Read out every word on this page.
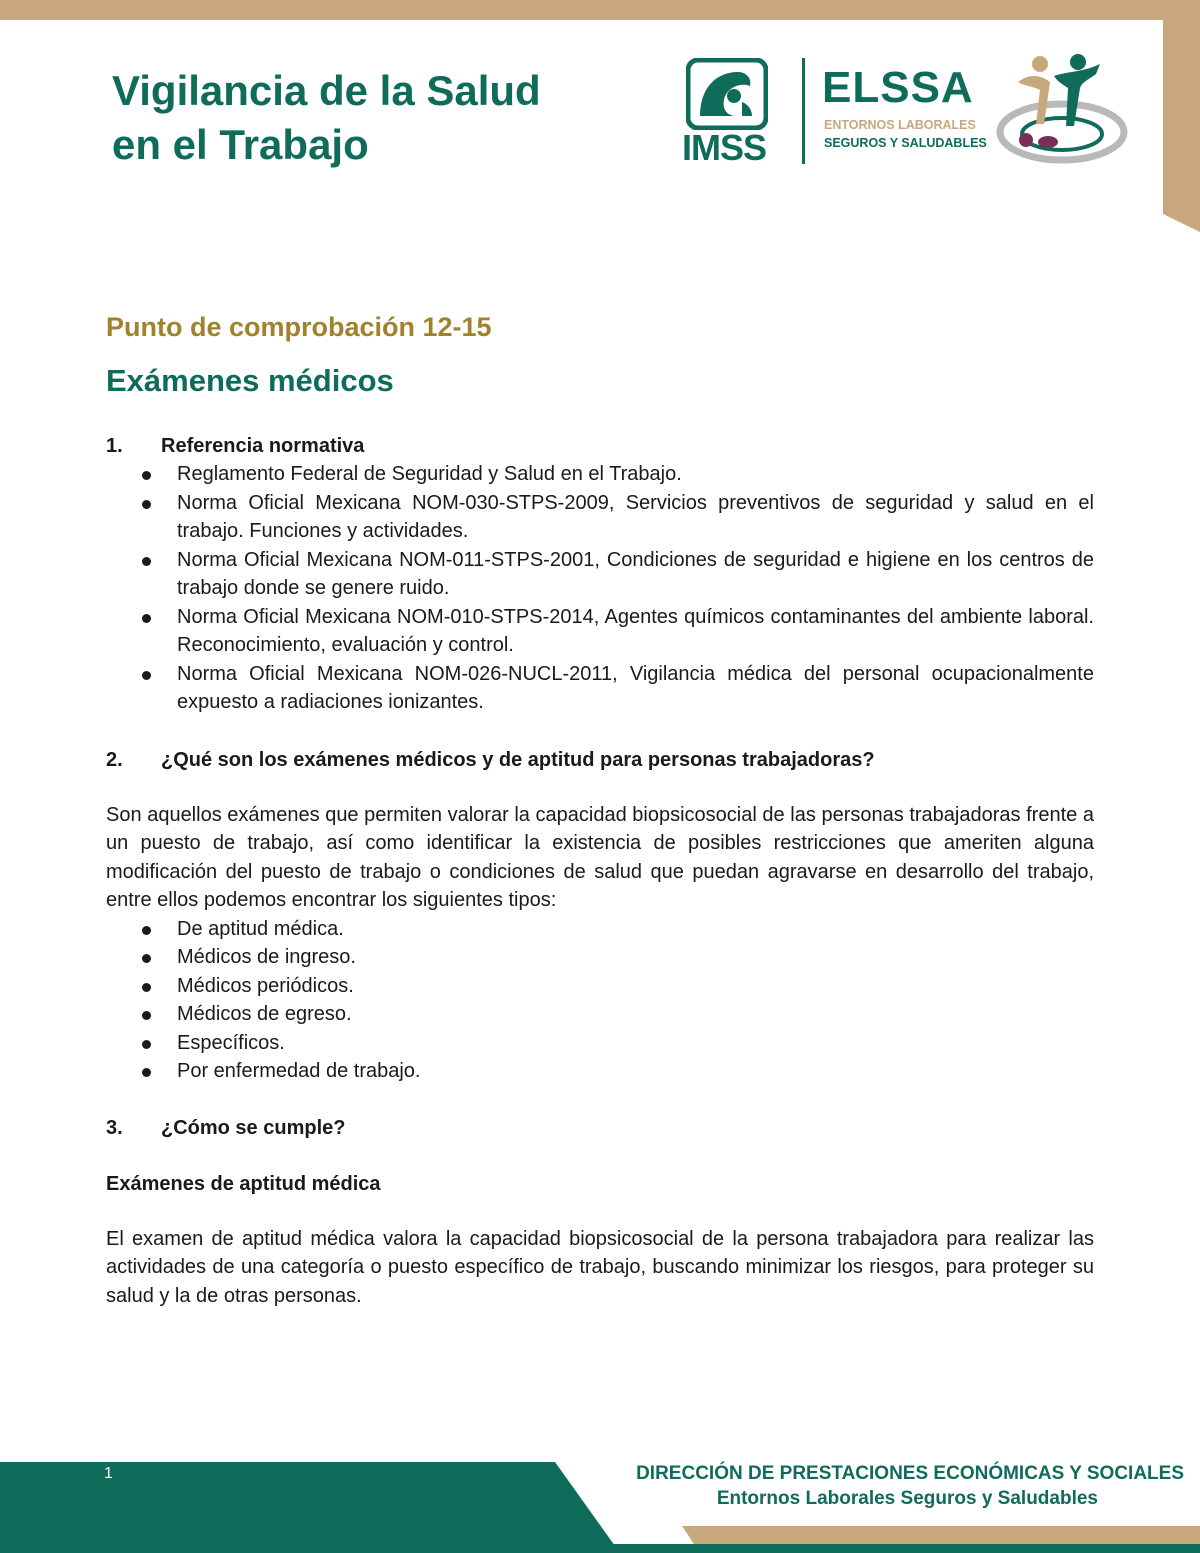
Vigilancia de la Salud
en el Trabajo	IMSS
ELSSA
ENTORNOS LABORALES
SEGUROS Y SALUDABLES
Punto de comprobación 12-15
Exámenes médicos
1.	Referencia normativa
Reglamento Federal de Seguridad y Salud en el Trabajo.
Norma Oficial Mexicana NOM-030-STPS-2009, Servicios preventivos de seguridad y salud en el trabajo. Funciones y actividades.
Norma Oficial Mexicana NOM-011-STPS-2001, Condiciones de seguridad e higiene en los centros de trabajo donde se genere ruido.
Norma Oficial Mexicana NOM-010-STPS-2014, Agentes químicos contaminantes del ambiente laboral. Reconocimiento, evaluación y control.
Norma Oficial Mexicana NOM-026-NUCL-2011, Vigilancia médica del personal ocupacionalmente expuesto a radiaciones ionizantes.
2.	¿Qué son los exámenes médicos y de aptitud para personas trabajadoras?

Son aquellos exámenes que permiten valorar la capacidad biopsicosocial de las personas trabajadoras frente a un puesto de trabajo, así como identificar la existencia de posibles restricciones que ameriten alguna modificación del puesto de trabajo o condiciones de salud que puedan agravarse en desarrollo del trabajo, entre ellos podemos encontrar los siguientes tipos:

De aptitud médica.
Médicos de ingreso.
Médicos periódicos.
Médicos de egreso.
Específicos.
Por enfermedad de trabajo.
3.	¿Cómo se cumple?
Exámenes de aptitud médica

El examen de aptitud médica valora la capacidad biopsicosocial de la persona trabajadora para realizar las actividades de una categoría o puesto específico de trabajo, buscando minimizar los riesgos, para proteger su salud y la de otras personas.

1	DIRECCIÓN DE PRESTACIONES ECONÓMICAS Y SOCIALES
Entornos Laborales Seguros y Saludables
